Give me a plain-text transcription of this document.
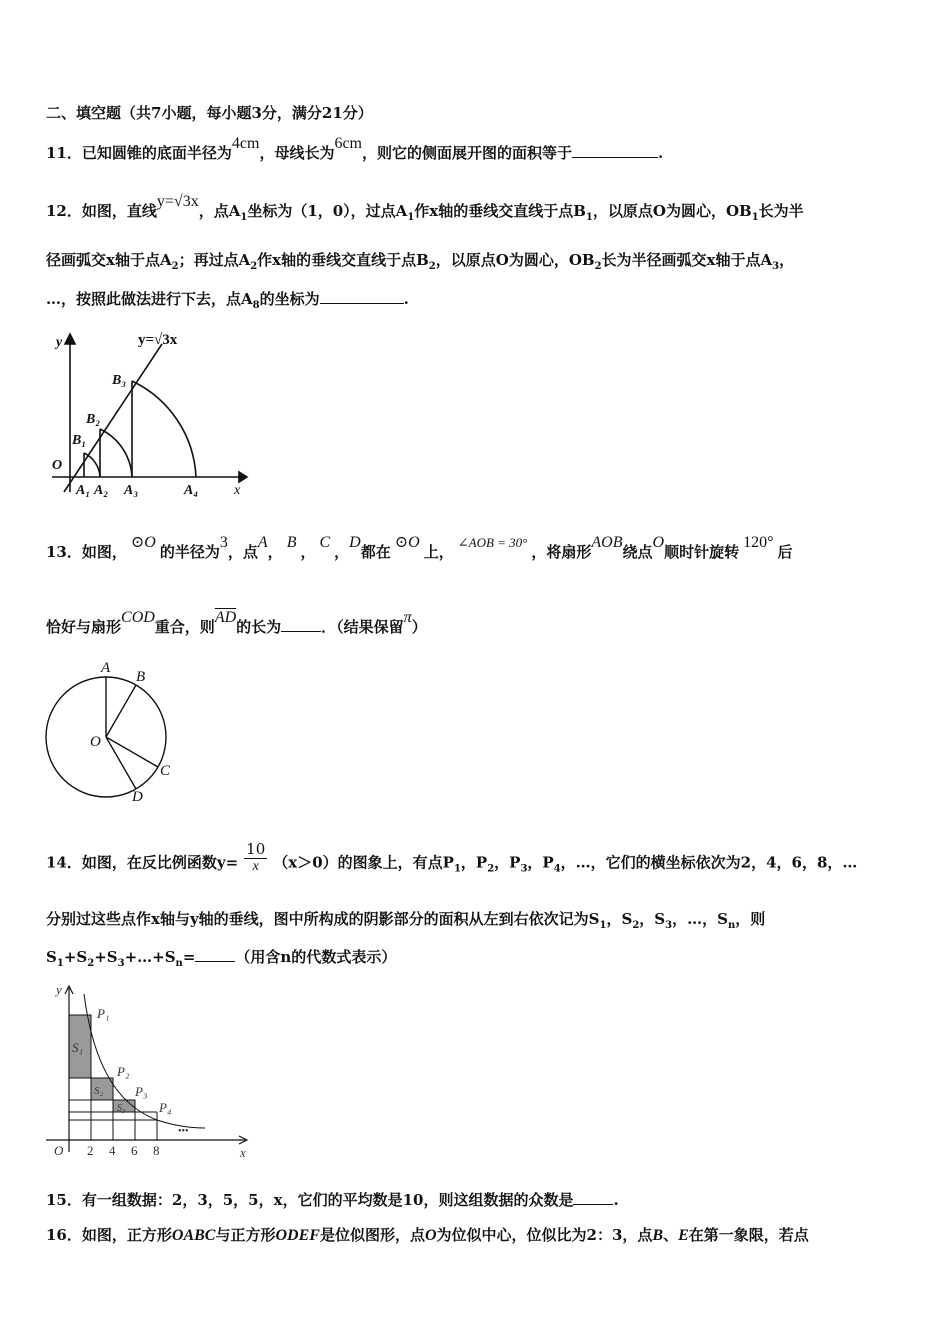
二、填空题（共7小题，每小题3分，满分21分）
11．已知圆锥的底面半径为4cm，母线长为6cm，则它的侧面展开图的面积等于	.
12．如图，直线y=√3x，点$A_1$坐标为（1，0），过点$A_1$作x轴的垂线交直线于点$B_1$，以原点O为圆心，$OB_1$长为半
径画弧交x轴于点$A_2$；再过点$A_2$作x轴的垂线交直线于点$B_2$，以原点O为圆心，$OB_2$长为半径画弧交x轴于点$A_3$，
…，按照此做法进行下去，点$A_8$的坐标为	.
y=√3x
y
x
O
A₁ A₂ A₃	A₄
B₁
B₂
B₃
13．如图，⊙O的半径为3，点A，B，C，D都在⊙O上，∠AOB = 30°，将扇形AOB绕点O顺时针旋转120°后
恰好与扇形COD重合，则$\overline{AD}$的长为	．（结果保留π）
A
B
C
D
O
14．如图，在反比例函数$y= \frac{10}{x} (x>0)$的图象上，有点$P_1$，$P_2$，$P_3$，$P_4$，…，它们的横坐标依次为2，4，6，8，…
分别过这些点作x轴与y轴的垂线，图中所构成的阴影部分的面积从左到右依次记为$S_1$，$S_2$，$S_3$，…，$S_n$，则
$S_1+S_2+S_3+\dots+S_n=$	（用含n的代数式表示）
y
x
O 2 4 6 8
P₁
P₂
P₃
P₄
S₁
S₂
S₃
•••
15．有一组数据：2，3，5，5，x，它们的平均数是10，则这组数据的众数是	.
16．如图，正方形OABC与正方形ODEF是位似图形，点O为位似中心，位似比为2：3，点B、E在第一象限，若点
